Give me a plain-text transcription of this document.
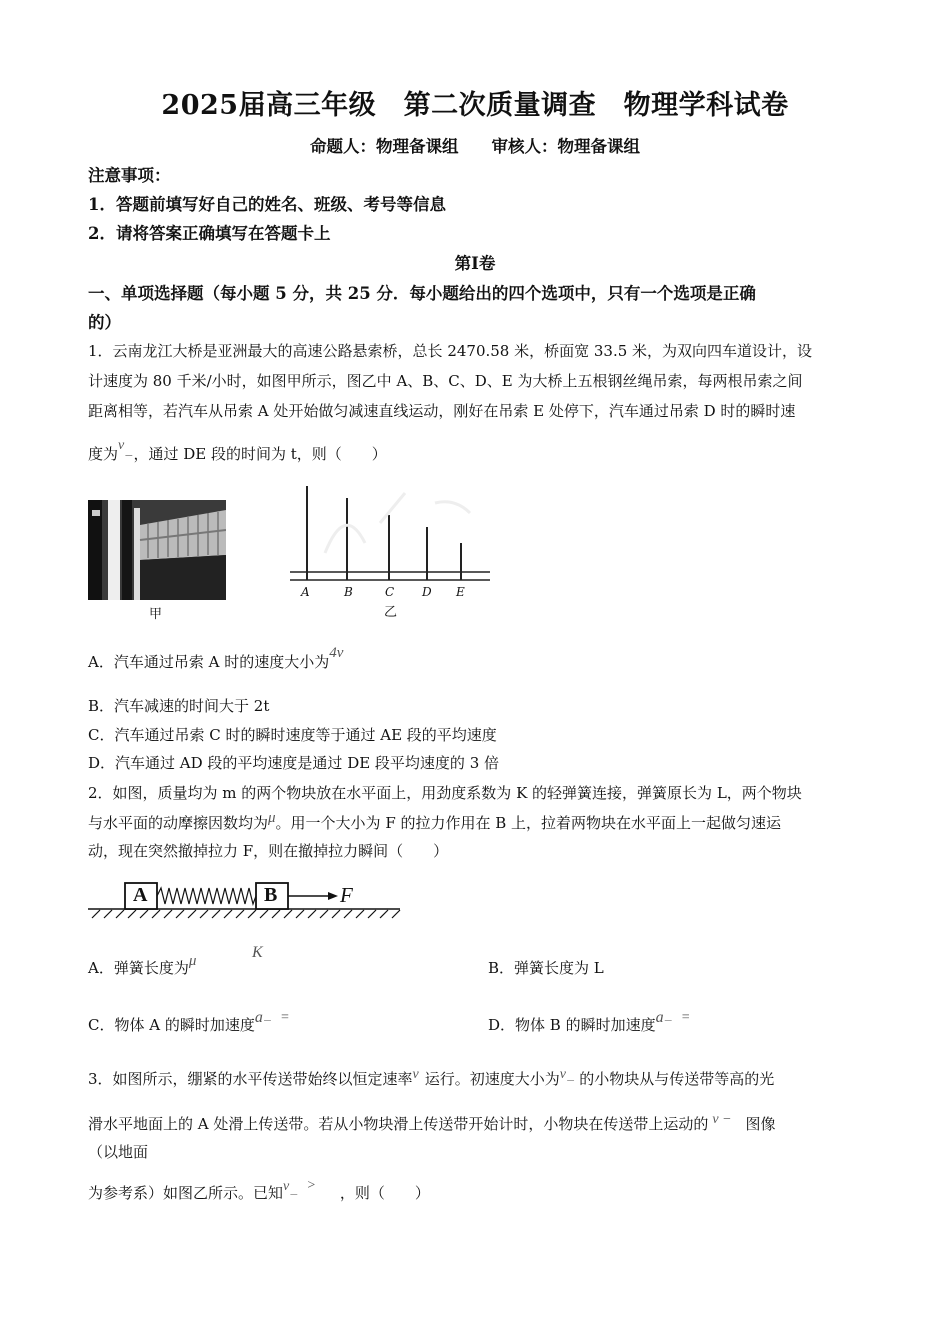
2025届高三年级　第二次质量调查　物理学科试卷
命题人：物理备课组　　审核人：物理备课组
注意事项：
1．答题前填写好自己的姓名、班级、考号等信息
2．请将答案正确填写在答题卡上
第Ⅰ卷
一、单项选择题（每小题 5 分，共 25 分．每小题给出的四个选项中，只有一个选项是正确
的）
1．云南龙江大桥是亚洲最大的高速公路悬索桥，总长 2470.58 米，桥面宽 33.5 米，为双向四车道设计，设
计速度为 80 千米/小时，如图甲所示，图乙中 A、B、C、D、E 为大桥上五根钢丝绳吊索，每两根吊索之间
距离相等，若汽车从吊索 A 处开始做匀减速直线运动，刚好在吊索 E 处停下，汽车通过吊索 D 时的瞬时速
度为v−，通过 DE 段的时间为 t，则（　　）
甲
A	B	C D E
乙
A．汽车通过吊索 A 时的速度大小为4v
B．汽车减速的时间大于 2t
C．汽车通过吊索 C 时的瞬时速度等于通过 AE 段的平均速度
D．汽车通过 AD 段的平均速度是通过 DE 段平均速度的 3 倍
2．如图，质量均为 m 的两个物块放在水平面上，用劲度系数为 K 的轻弹簧连接，弹簧原长为 L，两个物块
与水平面的动摩擦因数均为μ。用一个大小为 F 的拉力作用在 B 上，拉着两物块在水平面上一起做匀速运
动，现在突然撤掉拉力 F，则在撤掉拉力瞬间（　　）
A	B	F
A．弹簧长度为μ	K
B．弹簧长度为 L
C．物体 A 的瞬时加速度a− =	D．物体 B 的瞬时加速度a− =
3．如图所示，绷紧的水平传送带始终以恒定速率v 运行。初速度大小为v− 的小物块从与传送带等高的光
滑水平地面上的 A 处滑上传送带。若从小物块滑上传送带开始计时，小物块在传送带上运动的 v − 图像
（以地面
为参考系）如图乙所示。已知v−> ，则（　　）
